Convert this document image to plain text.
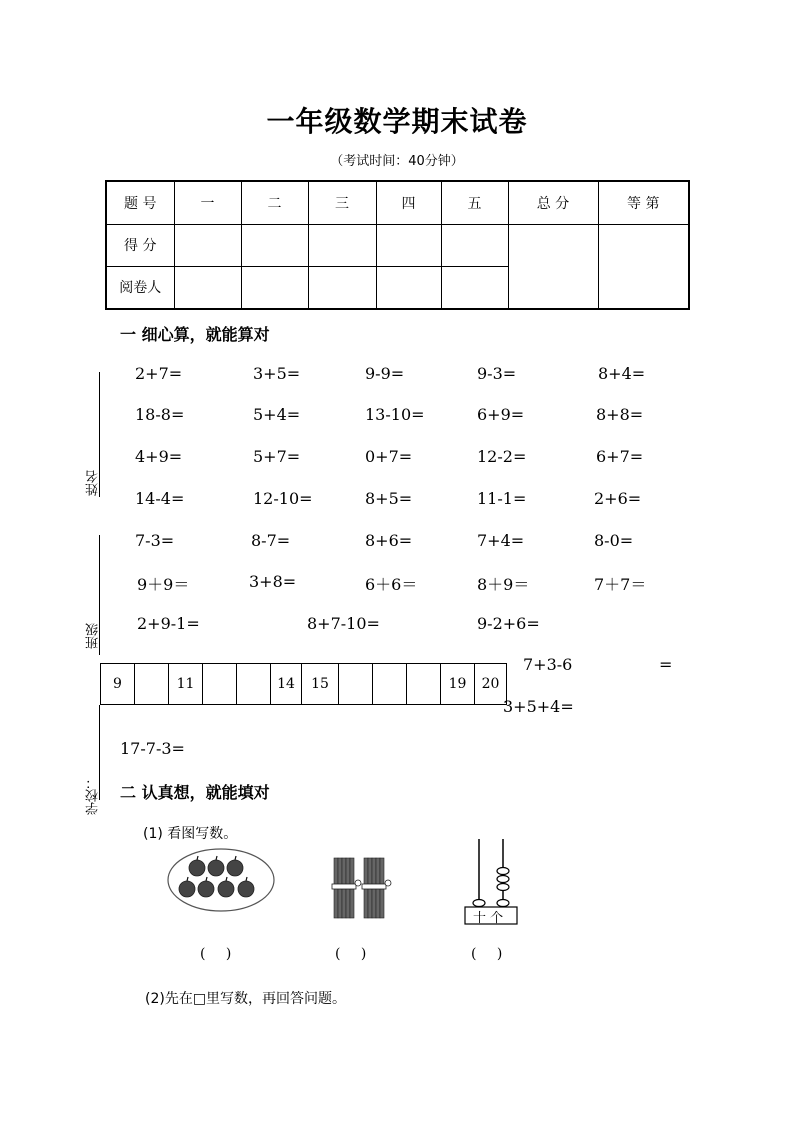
一年级数学期末试卷
（考试时间：40分钟）
题 号	一	二	三	四	五	总 分	等 第
得 分							
阅卷人							
姓名
班级
学校：
一 细心算，就能算对
2+7=	3+5=	9-9=	9-3=	8+4=
18-8=	5+4=	13-10=	6+9=	8+8=
4+9=	5+7=	0+7=	12-2=	6+7=
14-4=	12-10=	8+5=	11-1=	2+6=
7-3=	8-7=	8+6=	7+4=	8-0=
9＋9＝	3+8=	6＋6＝	8＋9＝	7＋7＝
2+9-1=	8+7-10=	9-2+6=
9		11			14	15				19	20
7+3-6	=
3+5+4=
17-7-3=
二 认真想，就能填对
(1) 看图写数。
十 个
( )	( )	( )
(2)先在□里写数，再回答问题。
